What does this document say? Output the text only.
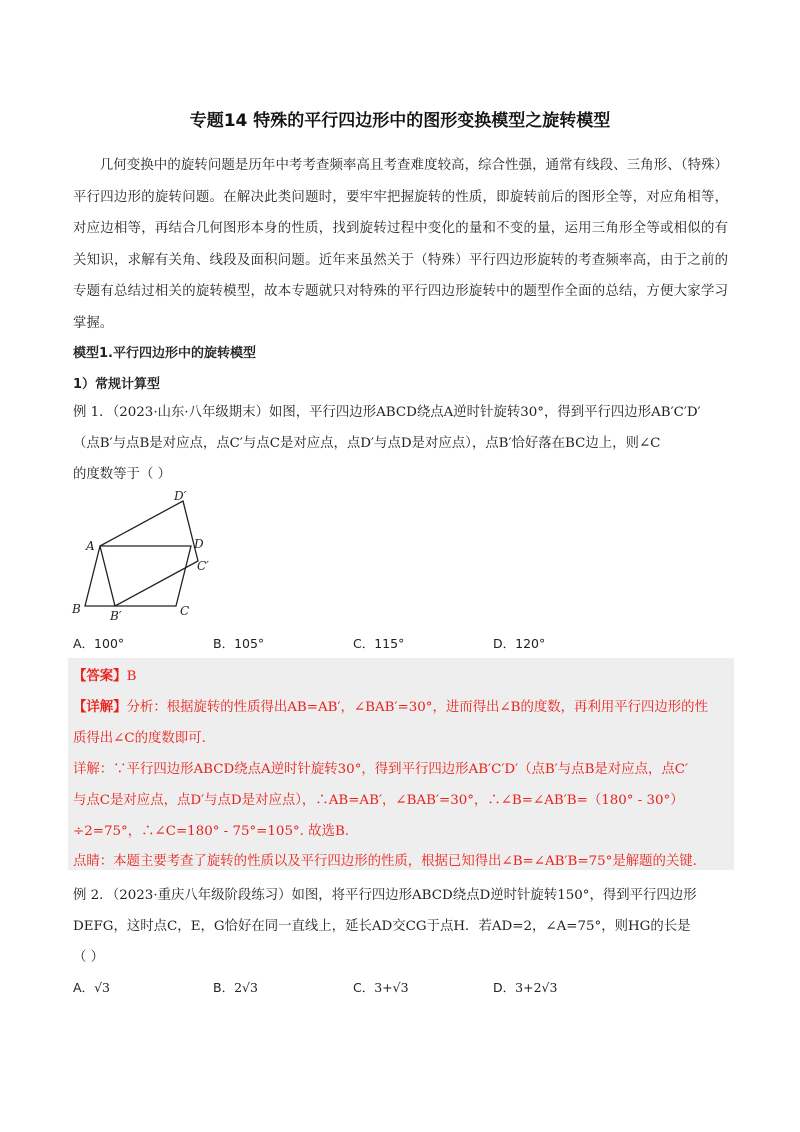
专题14 特殊的平行四边形中的图形变换模型之旋转模型
几何变换中的旋转问题是历年中考考查频率高且考查难度较高，综合性强，通常有线段、三角形、（特殊）平行四边形的旋转问题。在解决此类问题时，要牢牢把握旋转的性质，即旋转前后的图形全等，对应角相等，对应边相等，再结合几何图形本身的性质，找到旋转过程中变化的量和不变的量，运用三角形全等或相似的有关知识，求解有关角、线段及面积问题。近年来虽然关于（特殊）平行四边形旋转的考查频率高，由于之前的专题有总结过相关的旋转模型，故本专题就只对特殊的平行四边形旋转中的题型作全面的总结，方便大家学习掌握。
模型1.平行四边形中的旋转模型
1）常规计算型
例 1．（2023·山东·八年级期末）如图，平行四边形ABCD绕点A逆时针旋转30°，得到平行四边形AB′C′D′
（点B′与点B是对应点，点C′与点C是对应点，点D′与点D是对应点），点B′恰好落在BC边上，则∠C
的度数等于（ ）
A	D
B	C
B′
C′
D′
A．100°	B．105°	C．115°	D．120°
【答案】B
【详解】分析：根据旋转的性质得出AB=AB′，∠BAB′=30°，进而得出∠B的度数，再利用平行四边形的性
质得出∠C的度数即可.
详解：∵平行四边形ABCD绕点A逆时针旋转30°，得到平行四边形AB′C′D′（点B′与点B是对应点，点C′
与点C是对应点，点D′与点D是对应点），∴AB=AB′，∠BAB′=30°，∴∠B=∠AB′B=（180° - 30°）
÷2=75°，∴∠C=180° - 75°=105°. 故选B.
点睛：本题主要考查了旋转的性质以及平行四边形的性质，根据已知得出∠B=∠AB′B=75°是解题的关键.
例 2．（2023·重庆八年级阶段练习）如图，将平行四边形ABCD绕点D逆时针旋转150°，得到平行四边形
DEFG，这时点C，E，G恰好在同一直线上，延长AD交CG于点H．若AD=2，∠A=75°，则HG的长是
（ ）
A．√3	B．2√3	C．3+√3	D．3+2√3
